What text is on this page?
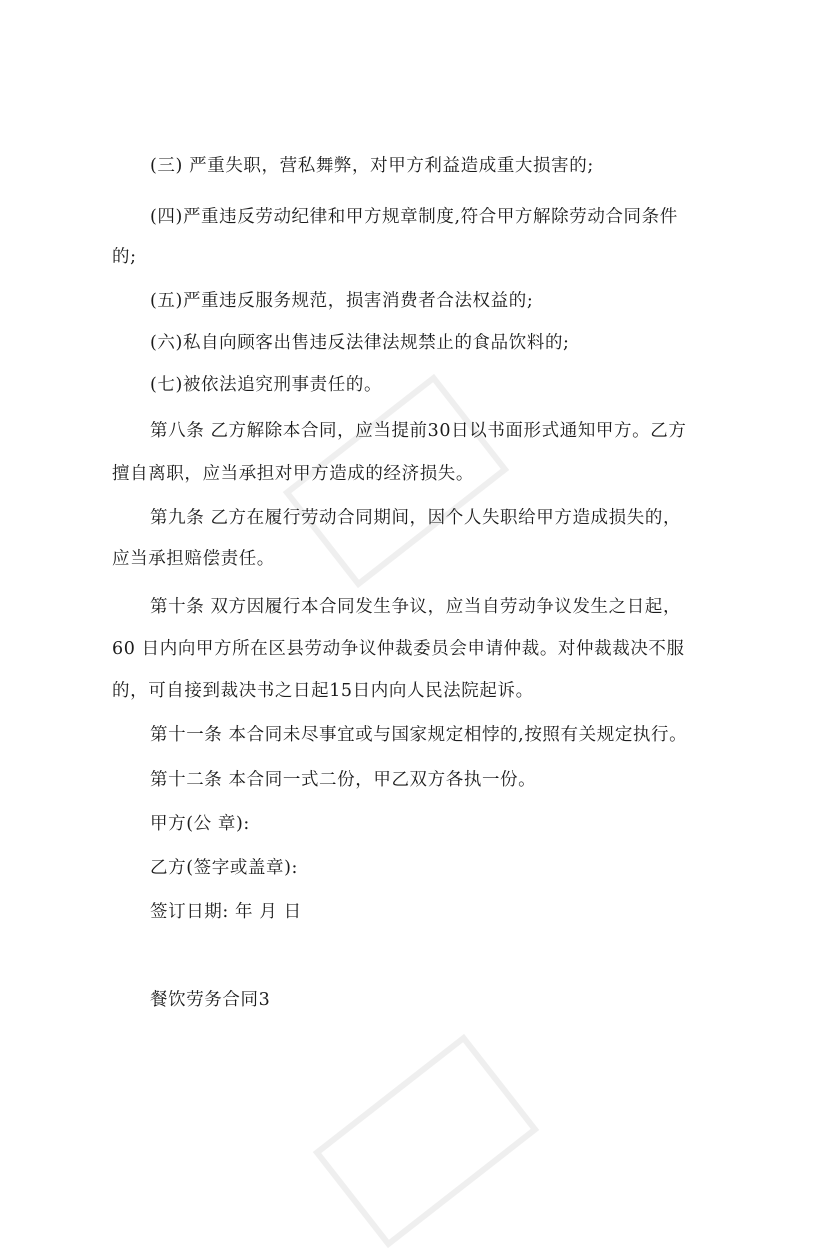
(三) 严重失职，营私舞弊，对甲方利益造成重大损害的;
(四)严重违反劳动纪律和甲方规章制度,符合甲方解除劳动合同条件
的;
(五)严重违反服务规范，损害消费者合法权益的;
(六)私自向顾客出售违反法律法规禁止的食品饮料的;
(七)被依法追究刑事责任的。
第八条 乙方解除本合同，应当提前30日以书面形式通知甲方。乙方
擅自离职，应当承担对甲方造成的经济损失。
第九条 乙方在履行劳动合同期间，因个人失职给甲方造成损失的，
应当承担赔偿责任。
第十条 双方因履行本合同发生争议，应当自劳动争议发生之日起，
60 日内向甲方所在区县劳动争议仲裁委员会申请仲裁。对仲裁裁决不服
的，可自接到裁决书之日起15日内向人民法院起诉。
第十一条 本合同未尽事宜或与国家规定相悖的,按照有关规定执行。
第十二条 本合同一式二份，甲乙双方各执一份。
甲方(公 章):
乙方(签字或盖章):
签订日期: 年 月 日
餐饮劳务合同3
